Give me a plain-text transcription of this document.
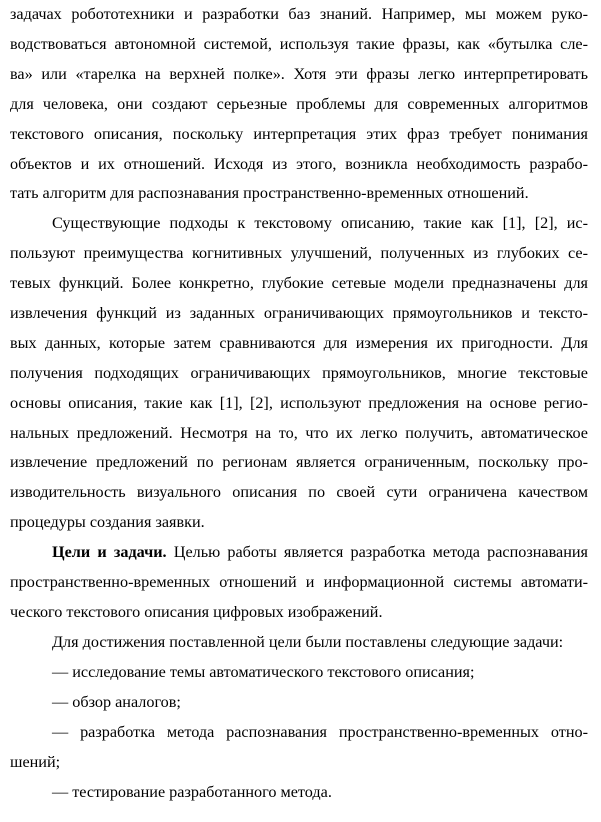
задачах робототехники и разработки баз знаний. Например, мы можем руко-
водствоваться автономной системой, используя такие фразы, как «бутылка сле-
ва» или «тарелка на верхней полке». Хотя эти фразы легко интерпретировать
для человека, они создают серьезные проблемы для современных алгоритмов
текстового описания, поскольку интерпретация этих фраз требует понимания
объектов и их отношений. Исходя из этого, возникла необходимость разрабо-
тать алгоритм для распознавания пространственно-временных отношений.
Существующие подходы к текстовому описанию, такие как [1], [2], ис-
пользуют преимущества когнитивных улучшений, полученных из глубоких се-
тевых функций. Более конкретно, глубокие сетевые модели предназначены для
извлечения функций из заданных ограничивающих прямоугольников и тексто-
вых данных, которые затем сравниваются для измерения их пригодности. Для
получения подходящих ограничивающих прямоугольников, многие текстовые
основы описания, такие как [1], [2], используют предложения на основе регио-
нальных предложений. Несмотря на то, что их легко получить, автоматическое
извлечение предложений по регионам является ограниченным, поскольку про-
изводительность визуального описания по своей сути ограничена качеством
процедуры создания заявки.
Цели и задачи. Целью работы является разработка метода распознавания
пространственно-временных отношений и информационной системы автомати-
ческого текстового описания цифровых изображений.
Для достижения поставленной цели были поставлены следующие задачи:
— исследование темы автоматического текстового описания;
— обзор аналогов;
— разработка метода распознавания пространственно-временных отно-
шений;
— тестирование разработанного метода.
